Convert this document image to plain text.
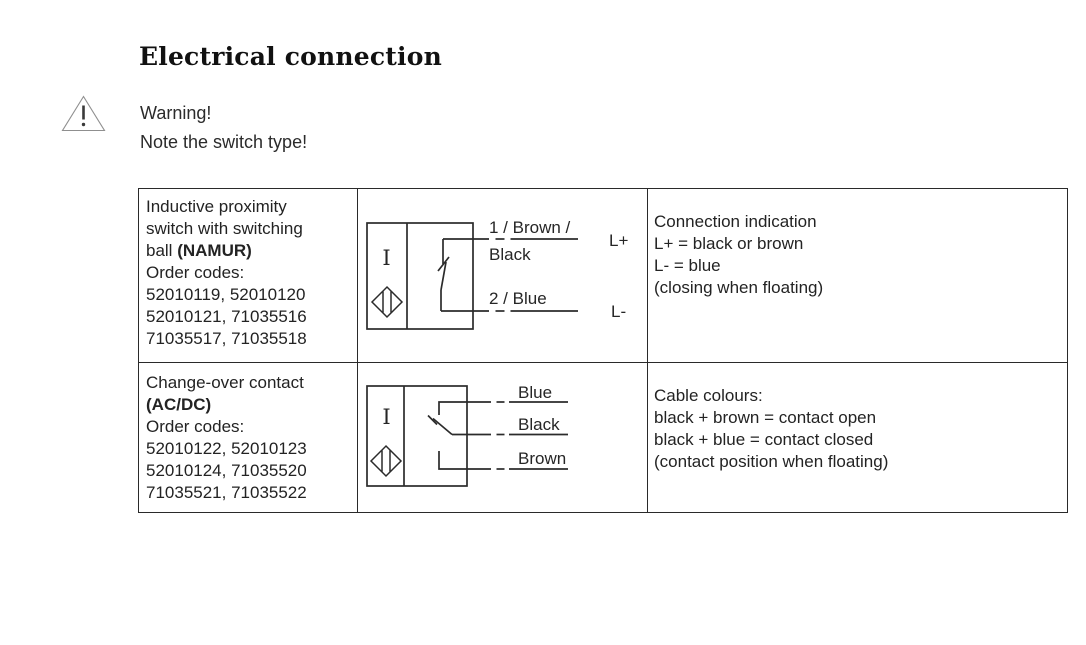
Electrical connection
Warning!
Note the switch type!
Inductive proximity
switch with switching
ball (NAMUR)
Order codes:
52010119, 52010120
52010121, 71035516
71035517, 71035518
I
1 / Brown /
Black
2 / Blue
L+
L-
Connection indication
L+ = black or brown
L- = blue
(closing when floating)
Change-over contact
(AC/DC)
Order codes:
52010122, 52010123
52010124, 71035520
71035521, 71035522
I
Blue
Black
Brown
Cable colours:
black + brown = contact open
black + blue = contact closed
(contact position when floating)
